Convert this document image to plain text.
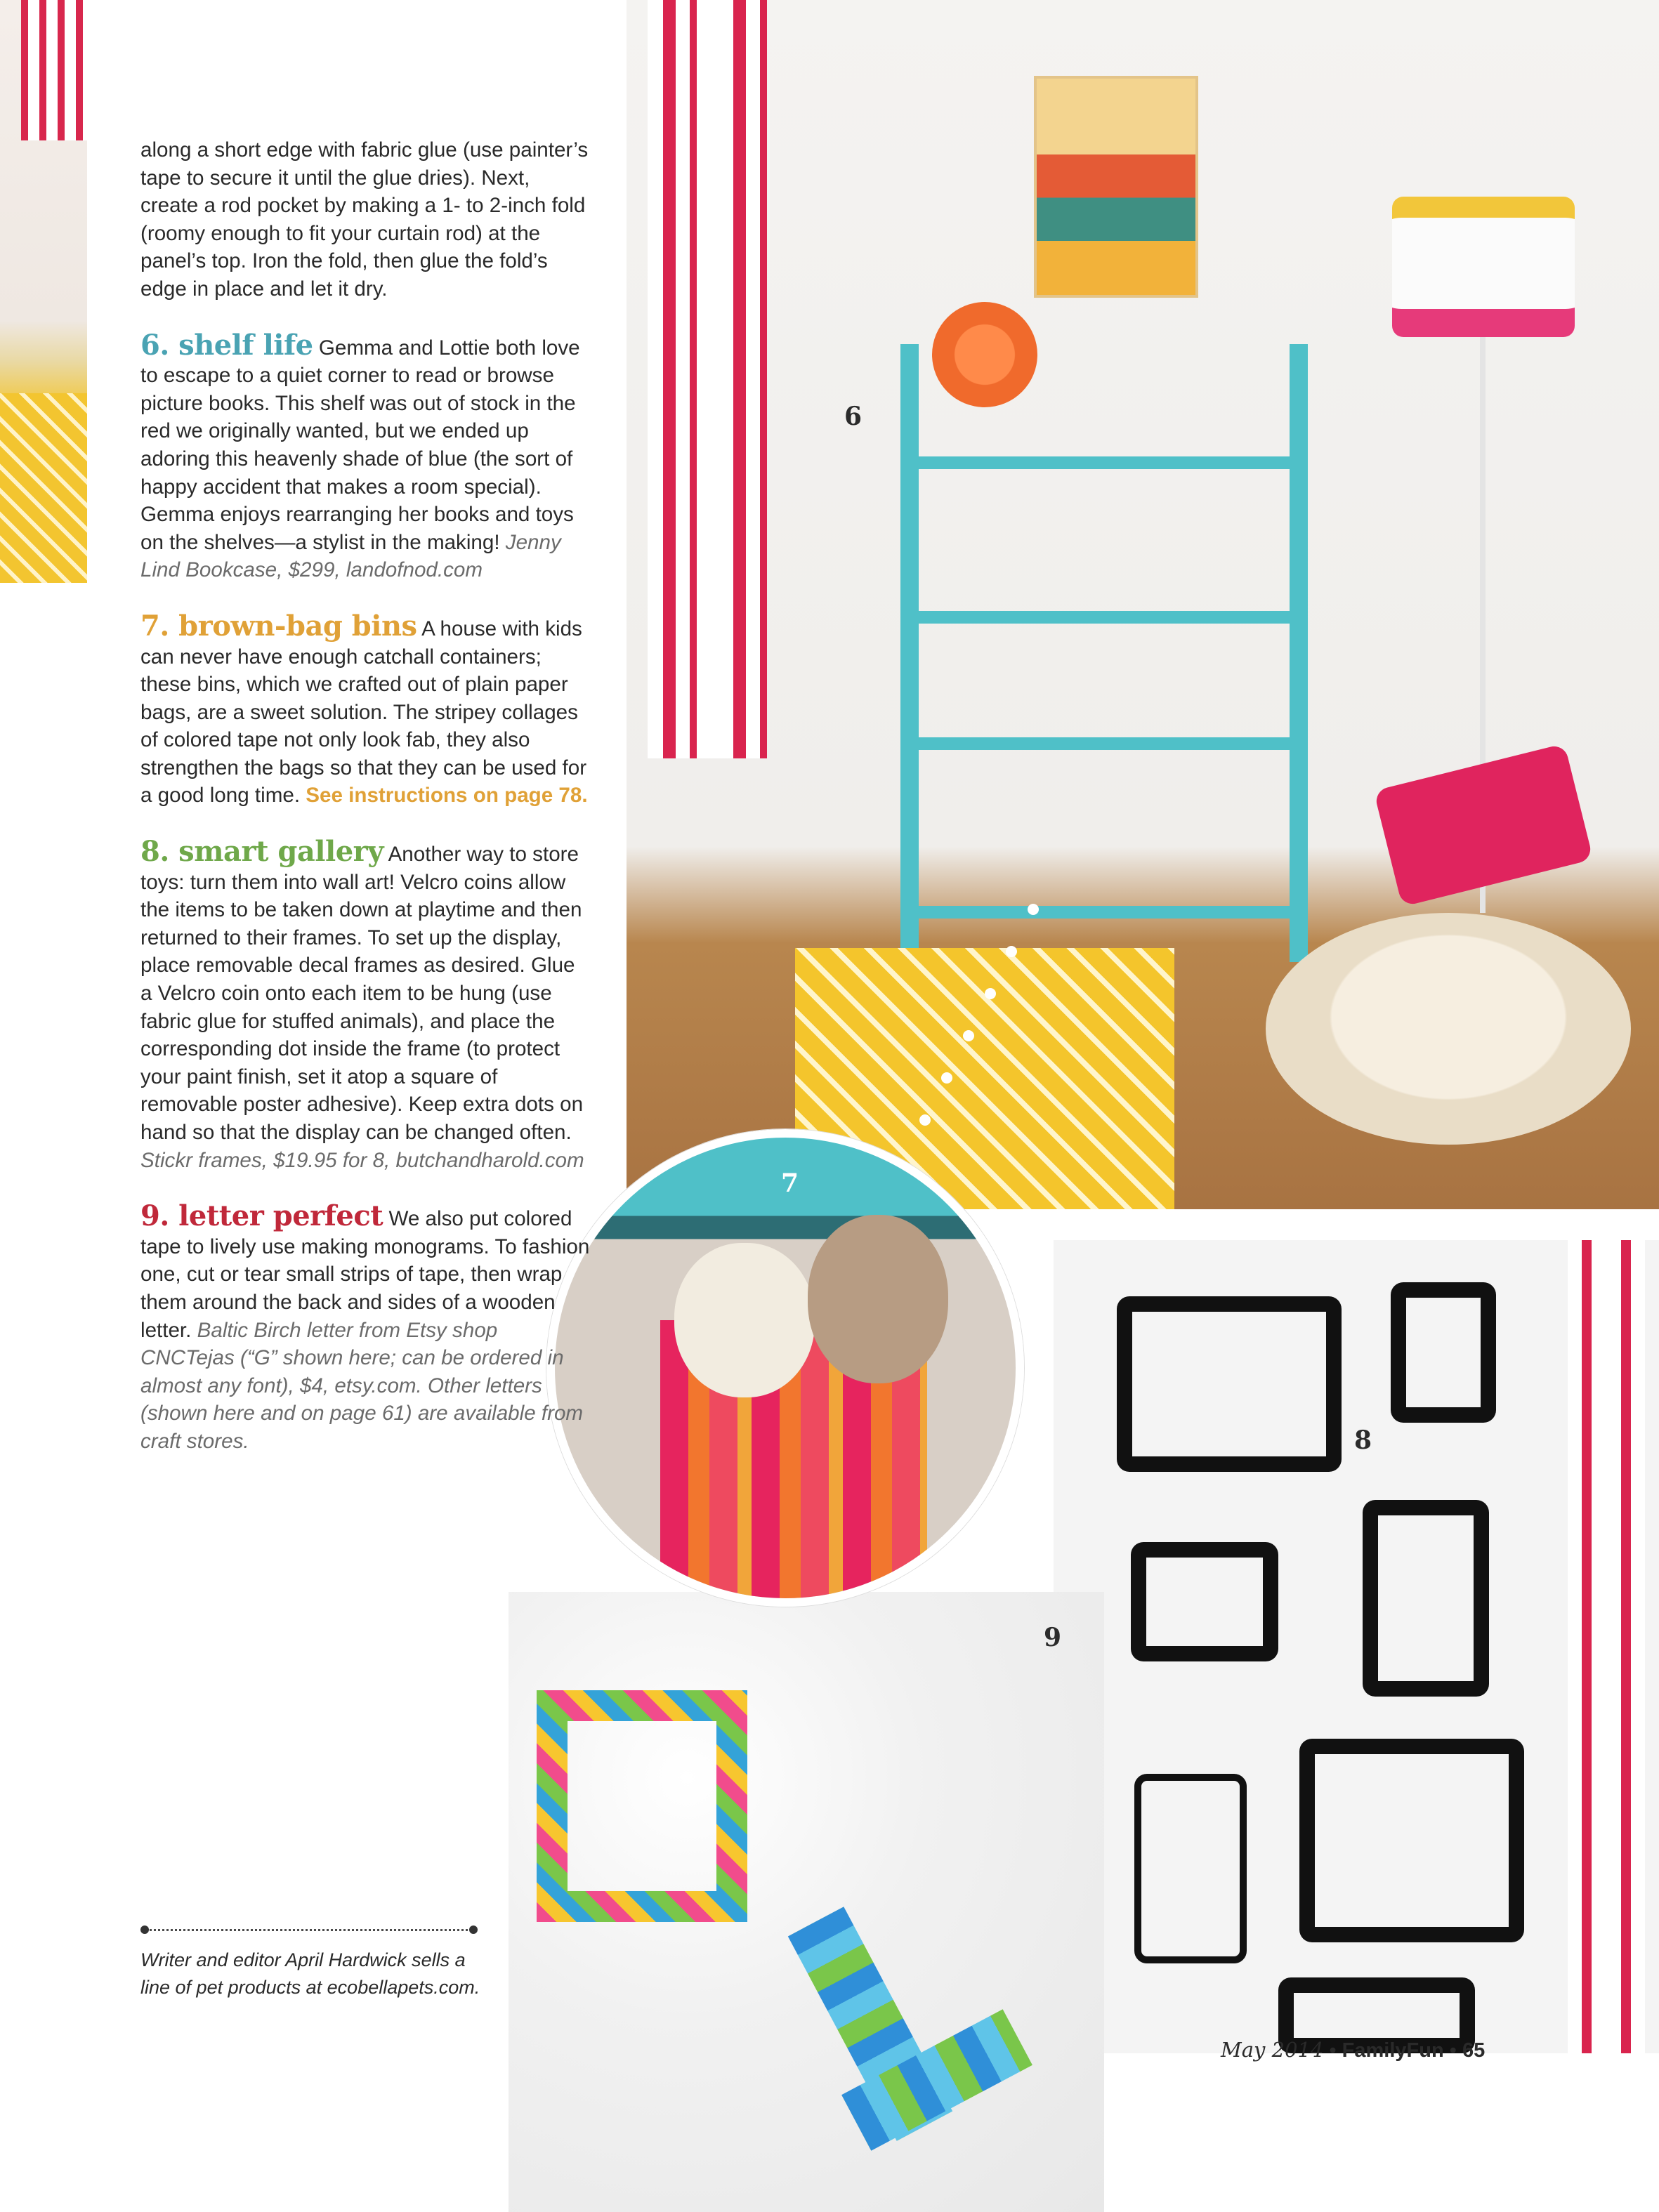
6
8
9
7

along a short edge with fabric glue (use painter’s tape to secure it until the glue dries). Next, create a rod pocket by making a 1- to 2-inch fold (roomy enough to fit your curtain rod) at the panel’s top. Iron the fold, then glue the fold’s edge in place and let it dry.

6. shelf life Gemma and Lottie both love to escape to a quiet corner to read or browse picture books. This shelf was out of stock in the red we originally wanted, but we ended up adoring this heavenly shade of blue (the sort of happy accident that makes a room special). Gemma enjoys rearranging her books and toys on the shelves—a stylist in the making! Jenny Lind Bookcase, $299, landofnod.com

7. brown-bag bins A house with kids can never have enough catchall containers; these bins, which we crafted out of plain paper bags, are a sweet solution. The stripey collages of colored tape not only look fab, they also strengthen the bags so that they can be used for a good long time. See instructions on page 78.

8. smart gallery Another way to store toys: turn them into wall art! Velcro coins allow the items to be taken down at playtime and then returned to their frames. To set up the display, place removable decal frames as desired. Glue a Velcro coin onto each item to be hung (use fabric glue for stuffed animals), and place the corresponding dot inside the frame (to protect your paint finish, set it atop a square of removable poster adhesive). Keep extra dots on hand so that the display can be changed often. Stickr frames, $19.95 for 8, butchandharold.com

9. letter perfect We also put colored tape to lively use making monograms. To fashion one, cut or tear small strips of tape, then wrap them around the back and sides of a wooden letter. Baltic Birch letter from Etsy shop CNCTejas (“G” shown here; can be ordered in almost any font), $4, etsy.com. Other letters (shown here and on page 61) are available from craft stores.

Writer and editor April Hardwick sells a line of pet products at ecobellapets.com.
May 2014 • FamilyFun • 65
